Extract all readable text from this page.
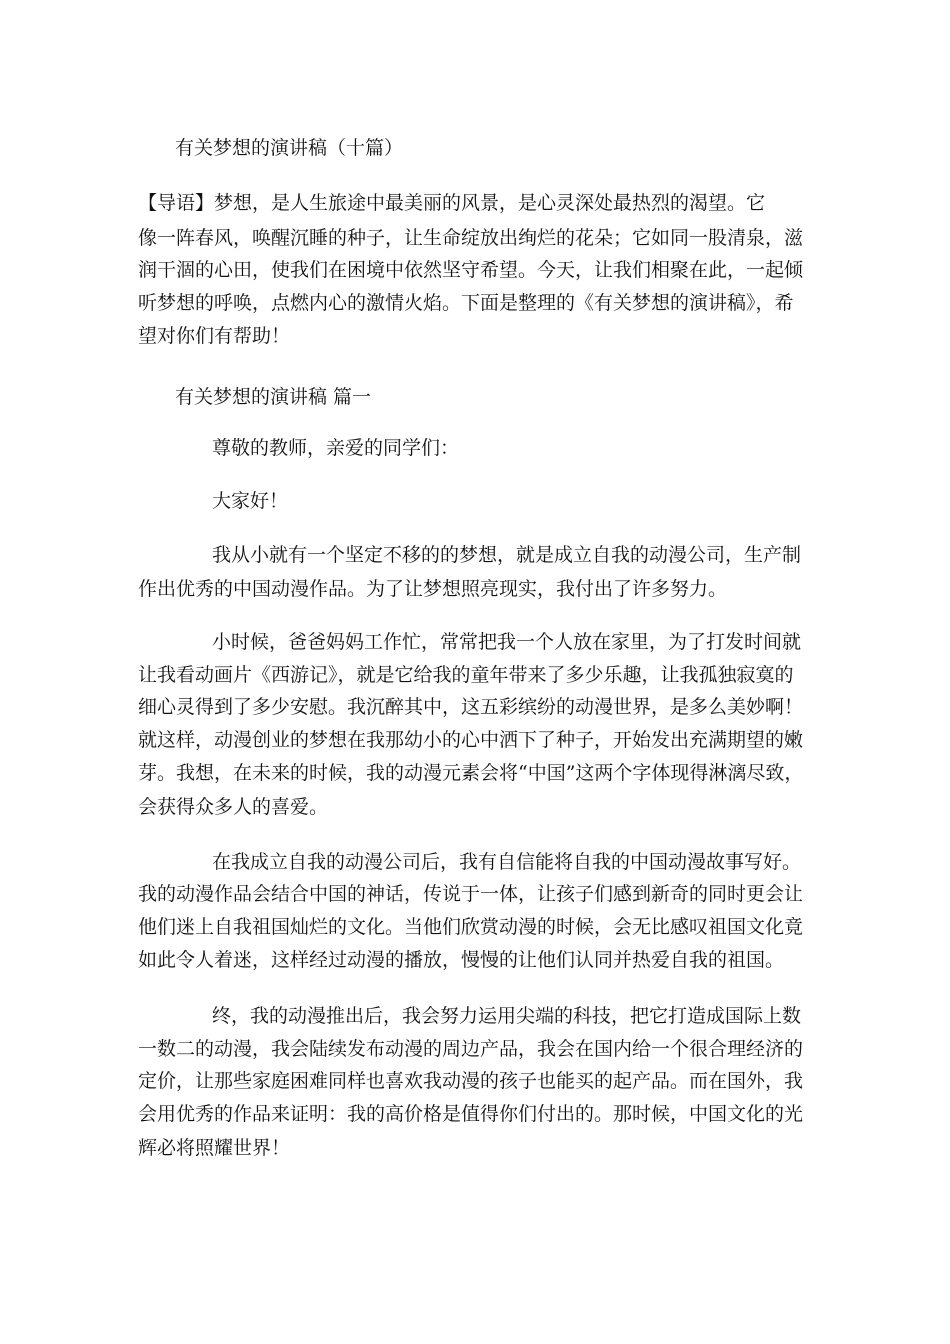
有关梦想的演讲稿（十篇）
【导语】梦想，是人生旅途中最美丽的风景，是心灵深处最热烈的渴望。它
像一阵春风，唤醒沉睡的种子，让生命绽放出绚烂的花朵；它如同一股清泉，滋
润干涸的心田，使我们在困境中依然坚守希望。今天，让我们相聚在此，一起倾
听梦想的呼唤，点燃内心的激情火焰。下面是整理的《有关梦想的演讲稿》，希
望对你们有帮助！
有关梦想的演讲稿 篇一
尊敬的教师，亲爱的同学们：
大家好！
我从小就有一个坚定不移的的梦想，就是成立自我的动漫公司，生产制
作出优秀的中国动漫作品。为了让梦想照亮现实，我付出了许多努力。
小时候，爸爸妈妈工作忙，常常把我一个人放在家里，为了打发时间就
让我看动画片《西游记》，就是它给我的童年带来了多少乐趣，让我孤独寂寞的
细心灵得到了多少安慰。我沉醉其中，这五彩缤纷的动漫世界，是多么美妙啊！
就这样，动漫创业的梦想在我那幼小的心中洒下了种子，开始发出充满期望的嫩
芽。我想，在未来的时候，我的动漫元素会将“中国”这两个字体现得淋漓尽致，
会获得众多人的喜爱。
在我成立自我的动漫公司后，我有自信能将自我的中国动漫故事写好。
我的动漫作品会结合中国的神话，传说于一体，让孩子们感到新奇的同时更会让
他们迷上自我祖国灿烂的文化。当他们欣赏动漫的时候，会无比感叹祖国文化竟
如此令人着迷，这样经过动漫的播放，慢慢的让他们认同并热爱自我的祖国。
终，我的动漫推出后，我会努力运用尖端的科技，把它打造成国际上数
一数二的动漫，我会陆续发布动漫的周边产品，我会在国内给一个很合理经济的
定价，让那些家庭困难同样也喜欢我动漫的孩子也能买的起产品。而在国外，我
会用优秀的作品来证明：我的高价格是值得你们付出的。那时候，中国文化的光
辉必将照耀世界！
